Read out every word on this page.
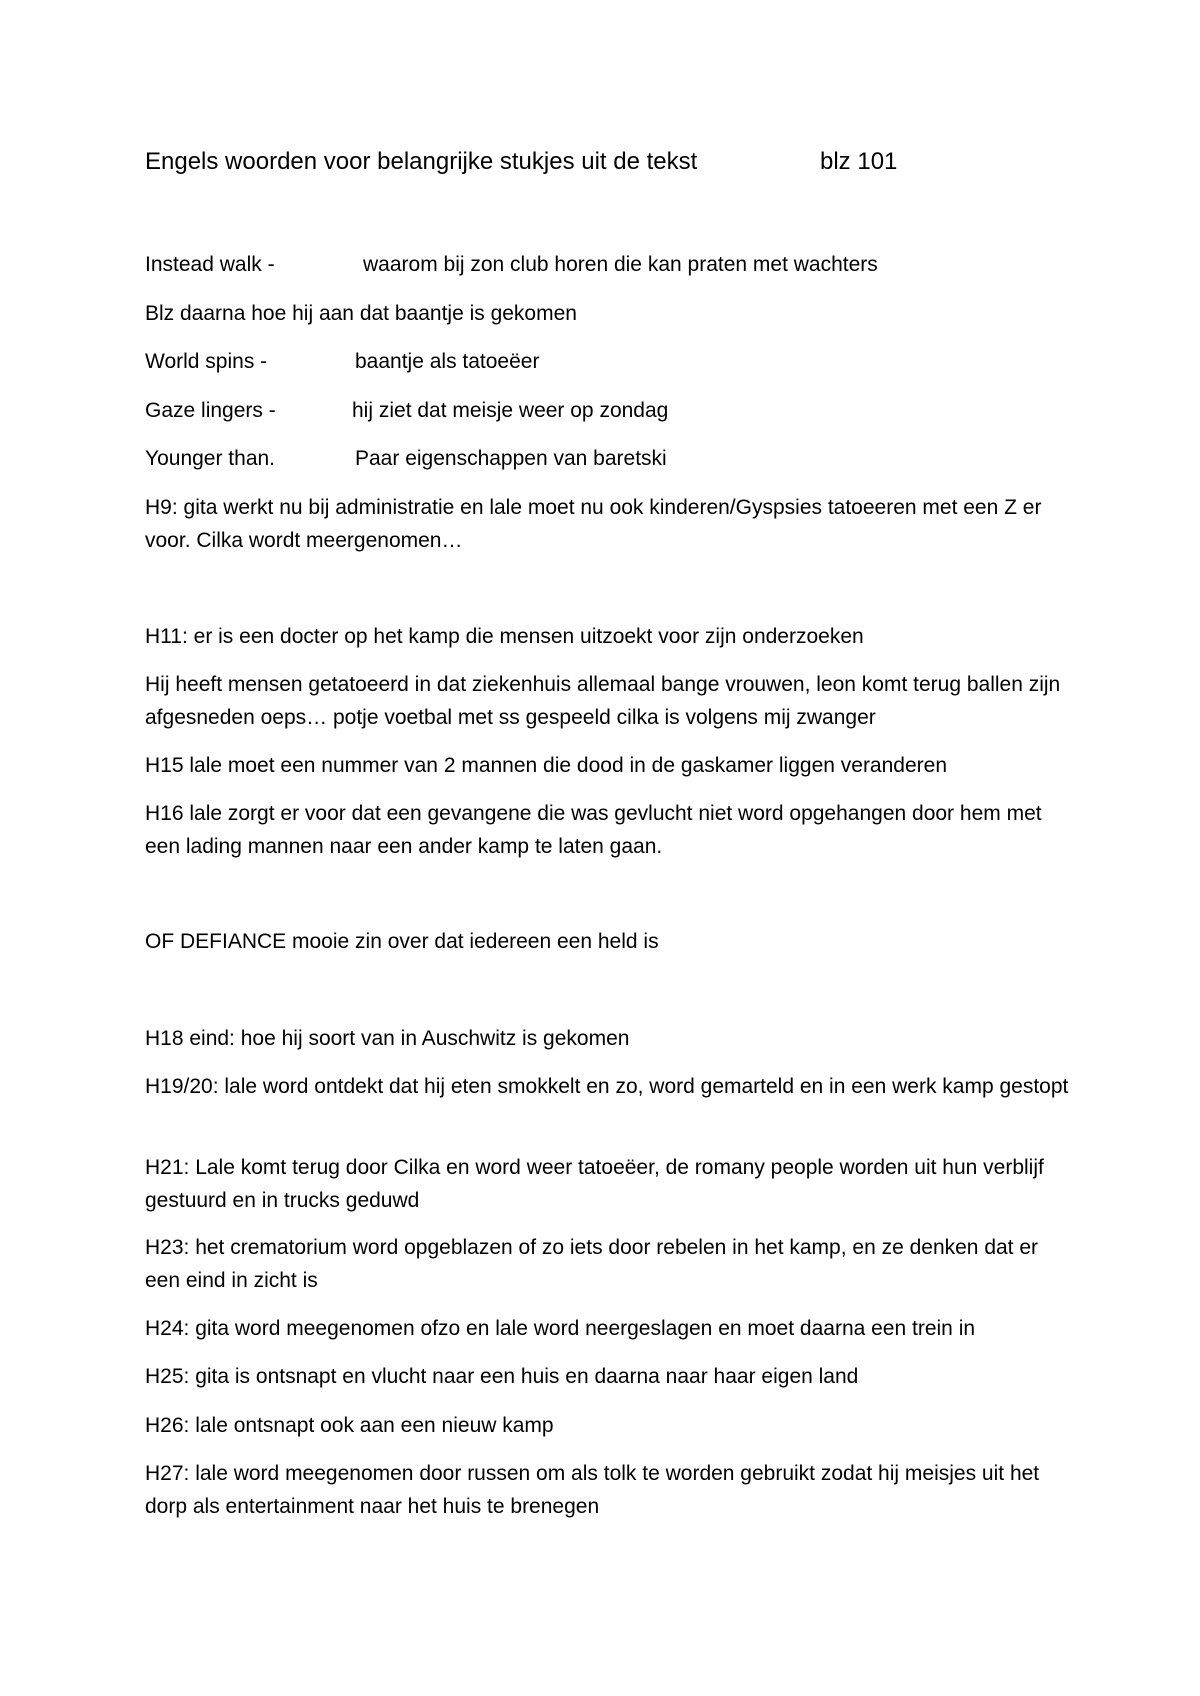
Engels woorden voor belangrijke stukjes uit de tekst	blz 101
Instead walk -	waarom bij zon club horen die kan praten met wachters
Blz daarna hoe hij aan dat baantje is gekomen
World spins -	baantje als tatoeëer
Gaze lingers -	hij ziet dat meisje weer op zondag
Younger than.	Paar eigenschappen van baretski
H9: gita werkt nu bij administratie en lale moet nu ook kinderen/Gyspsies tatoeeren met een Z er voor. Cilka wordt meergenomen…
H11: er is een docter op het kamp die mensen uitzoekt voor zijn onderzoeken
Hij heeft mensen getatoeerd in dat ziekenhuis allemaal bange vrouwen, leon komt terug ballen zijn afgesneden oeps… potje voetbal met ss gespeeld cilka is volgens mij zwanger
H15 lale moet een nummer van 2 mannen die dood in de gaskamer liggen veranderen
H16 lale zorgt er voor dat een gevangene die was gevlucht niet word opgehangen door hem met een lading mannen naar een ander kamp te laten gaan.
OF DEFIANCE mooie zin over dat iedereen een held is
H18 eind: hoe hij soort van in Auschwitz is gekomen
H19/20: lale word ontdekt dat hij eten smokkelt en zo, word gemarteld en in een werk kamp gestopt
H21: Lale komt terug door Cilka en word weer tatoeëer, de romany people worden uit hun verblijf gestuurd en in trucks geduwd
H23: het crematorium word opgeblazen of zo iets door rebelen in het kamp, en ze denken dat er een eind in zicht is
H24: gita word meegenomen ofzo en lale word neergeslagen en moet daarna een trein in
H25: gita is ontsnapt en vlucht naar een huis en daarna naar haar eigen land
H26: lale ontsnapt ook aan een nieuw kamp
H27: lale word meegenomen door russen om als tolk te worden gebruikt zodat hij meisjes uit het dorp als entertainment naar het huis te brenegen
